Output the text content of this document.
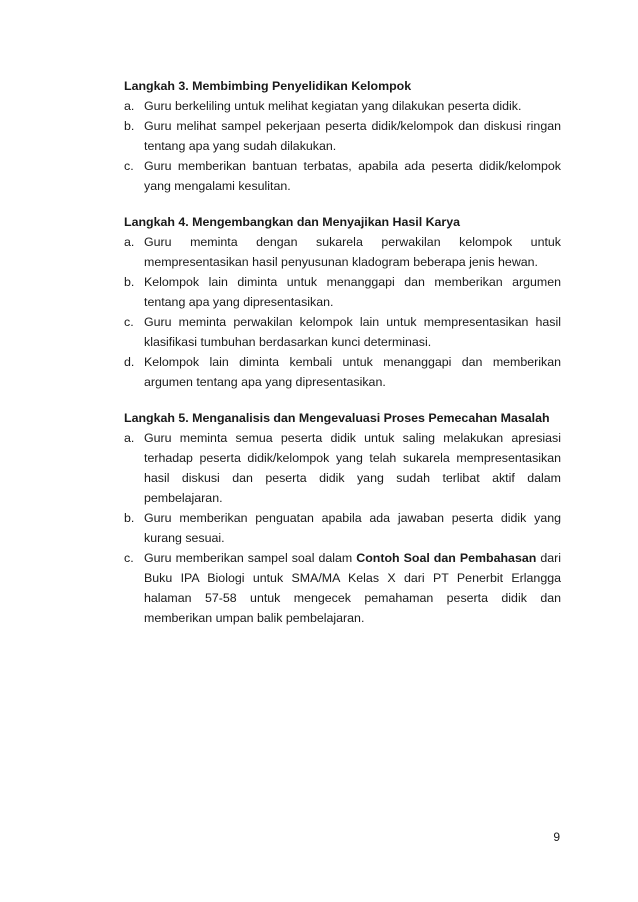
Langkah 3. Membimbing Penyelidikan Kelompok

a. Guru berkeliling untuk melihat kegiatan yang dilakukan peserta didik.
b. Guru melihat sampel pekerjaan peserta didik/kelompok dan diskusi ringan tentang apa yang sudah dilakukan.
c. Guru memberikan bantuan terbatas, apabila ada peserta didik/kelompok yang mengalami kesulitan.

Langkah 4. Mengembangkan dan Menyajikan Hasil Karya

a. Guru meminta dengan sukarela perwakilan kelompok untuk mempresentasikan hasil penyusunan kladogram beberapa jenis hewan.
b. Kelompok lain diminta untuk menanggapi dan memberikan argumen tentang apa yang dipresentasikan.
c. Guru meminta perwakilan kelompok lain untuk mempresentasikan hasil klasifikasi tumbuhan berdasarkan kunci determinasi.
d. Kelompok lain diminta kembali untuk menanggapi dan memberikan argumen tentang apa yang dipresentasikan.

Langkah 5. Menganalisis dan Mengevaluasi Proses Pemecahan Masalah

a. Guru meminta semua peserta didik untuk saling melakukan apresiasi terhadap peserta didik/kelompok yang telah sukarela mempresentasikan hasil diskusi dan peserta didik yang sudah terlibat aktif dalam pembelajaran.
b. Guru memberikan penguatan apabila ada jawaban peserta didik yang kurang sesuai.
c. Guru memberikan sampel soal dalam Contoh Soal dan Pembahasan dari Buku IPA Biologi untuk SMA/MA Kelas X dari PT Penerbit Erlangga halaman 57-58 untuk mengecek pemahaman peserta didik dan memberikan umpan balik pembelajaran.
9
